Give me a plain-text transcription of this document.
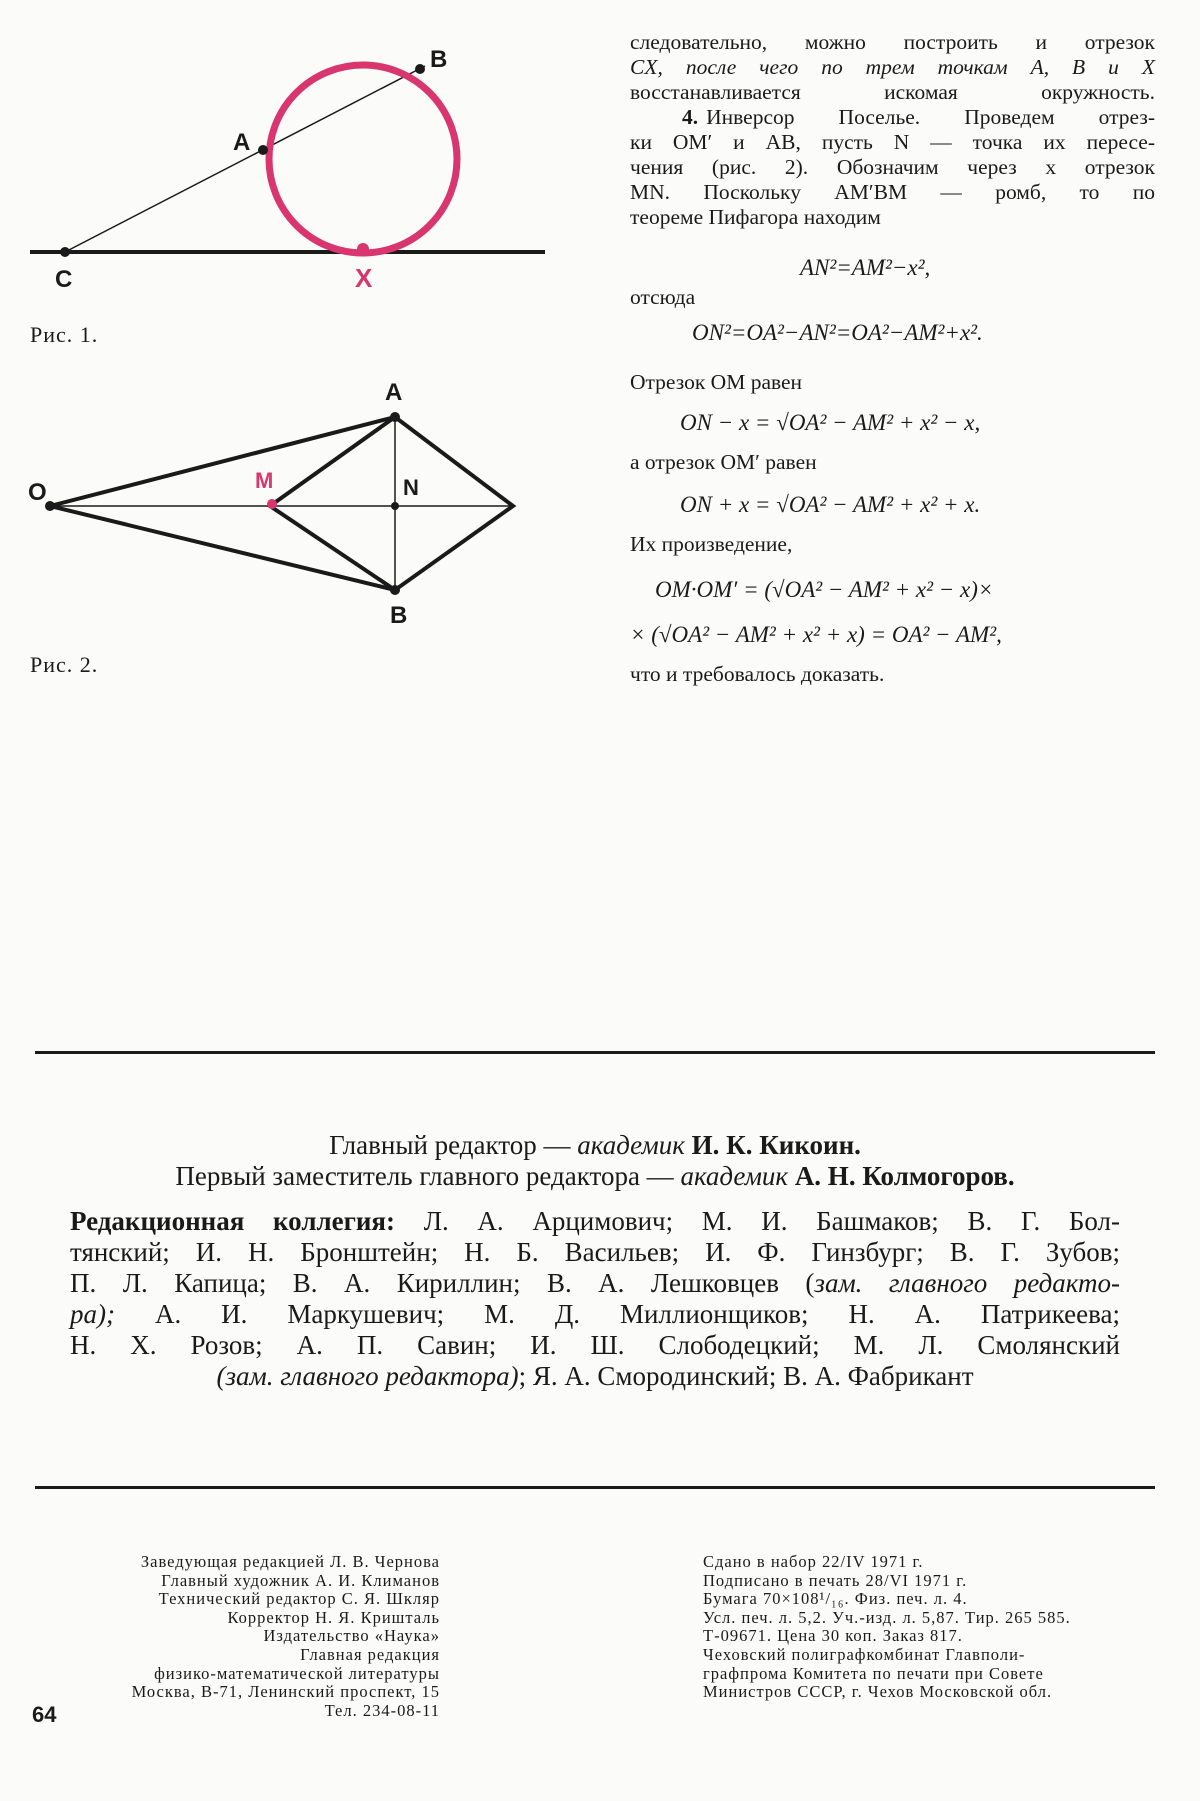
A
B
C	X
Рис. 1.
O
A
B
M	N
Рис. 2.
следовательно, можно построить и отрезок
CX, после чего по трем точкам A, B и X
восстанавливается искомая окружность.
4. Инверсор Поселье. Проведем отрез-
ки OM′ и AB, пусть N — точка их пересе-
чения (рис. 2). Обозначим через x отрезок
MN. Поскольку AM′BM — ромб, то по
теореме Пифагора находим
AN²=AM²−x²,
отсюда
ON²=OA²−AN²=OA²−AM²+x².
Отрезок OM равен
ON − x = √OA² − AM² + x² − x,
а отрезок OM′ равен
ON + x = √OA² − AM² + x² + x.
Их произведение,
OM·OM′ = (√OA² − AM² + x² − x)×
× (√OA² − AM² + x² + x) = OA² − AM²,
что и требовалось доказать.
Главный редактор — академик И. К. Кикоин.
Первый заместитель главного редактора — академик А. Н. Колмогоров.
Редакционная коллегия: Л. А. Арцимович; М. И. Башмаков; В. Г. Бол-
тянский; И. Н. Бронштейн; Н. Б. Васильев; И. Ф. Гинзбург; В. Г. Зубов;
П. Л. Капица; В. А. Кириллин; В. А. Лешковцев (зам. главного редакто-
ра); А. И. Маркушевич; М. Д. Миллионщиков; Н. А. Патрикеева;
Н. Х. Розов; А. П. Савин; И. Ш. Слободецкий; М. Л. Смолянский
(зам. главного редактора); Я. А. Смородинский; В. А. Фабрикант
Заведующая редакцией Л. В. Чернова
Главный художник А. И. Климанов
Технический редактор С. Я. Шкляр
Корректор Н. Я. Кришталь
Издательство «Наука»
Главная редакция
физико-математической литературы
Москва, В-71, Ленинский проспект, 15
Тел. 234-08-11
Сдано в набор 22/IV 1971 г.
Подписано в печать 28/VI 1971 г.
Бумага 70×108¹/₁₆. Физ. печ. л. 4.
Усл. печ. л. 5,2. Уч.-изд. л. 5,87. Тир. 265 585.
Т-09671. Цена 30 коп. Заказ 817.
Чеховский полиграфкомбинат Главполи-
графпрома Комитета по печати при Совете
Министров СССР, г. Чехов Московской обл.
64
